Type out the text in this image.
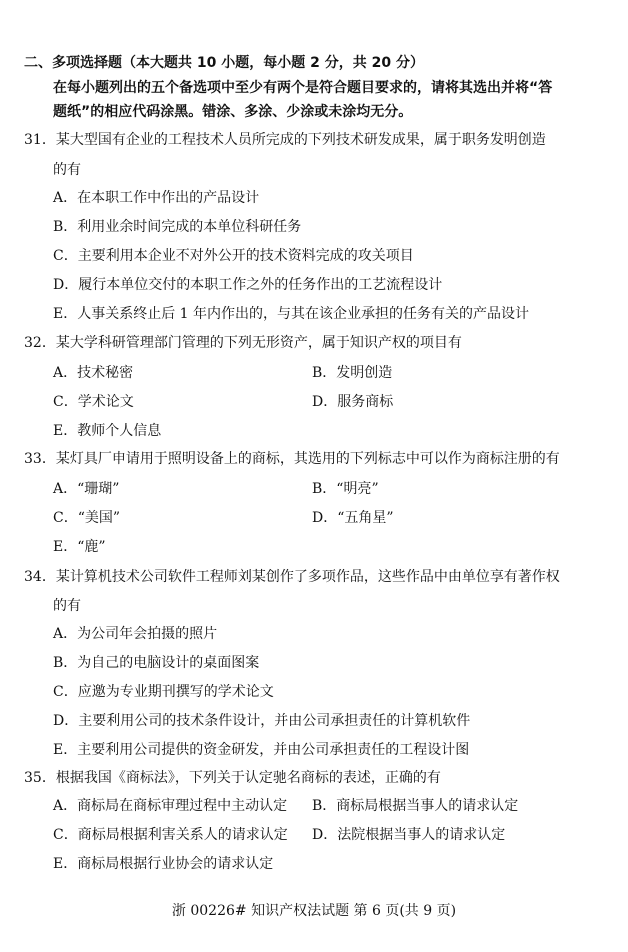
二、多项选择题（本大题共 10 小题，每小题 2 分，共 20 分）
在每小题列出的五个备选项中至少有两个是符合题目要求的，请将其选出并将“答
题纸”的相应代码涂黑。错涂、多涂、少涂或未涂均无分。
31．某大型国有企业的工程技术人员所完成的下列技术研发成果，属于职务发明创造
的有
A．在本职工作中作出的产品设计
B．利用业余时间完成的本单位科研任务
C．主要利用本企业不对外公开的技术资料完成的攻关项目
D．履行本单位交付的本职工作之外的任务作出的工艺流程设计
E．人事关系终止后 1 年内作出的，与其在该企业承担的任务有关的产品设计
32．某大学科研管理部门管理的下列无形资产，属于知识产权的项目有
A．技术秘密	B．发明创造
C．学术论文	D．服务商标
E．教师个人信息
33．某灯具厂申请用于照明设备上的商标，其选用的下列标志中可以作为商标注册的有
A．“珊瑚”	B．“明亮”
C．“美国”	D．“五角星”
E．“鹿”
34．某计算机技术公司软件工程师刘某创作了多项作品，这些作品中由单位享有著作权
的有
A．为公司年会拍摄的照片
B．为自己的电脑设计的桌面图案
C．应邀为专业期刊撰写的学术论文
D．主要利用公司的技术条件设计，并由公司承担责任的计算机软件
E．主要利用公司提供的资金研发，并由公司承担责任的工程设计图
35．根据我国《商标法》，下列关于认定驰名商标的表述，正确的有
A．商标局在商标审理过程中主动认定 B．商标局根据当事人的请求认定
C．商标局根据利害关系人的请求认定 D．法院根据当事人的请求认定
E．商标局根据行业协会的请求认定
浙 00226# 知识产权法试题 第 6 页(共 9 页)
